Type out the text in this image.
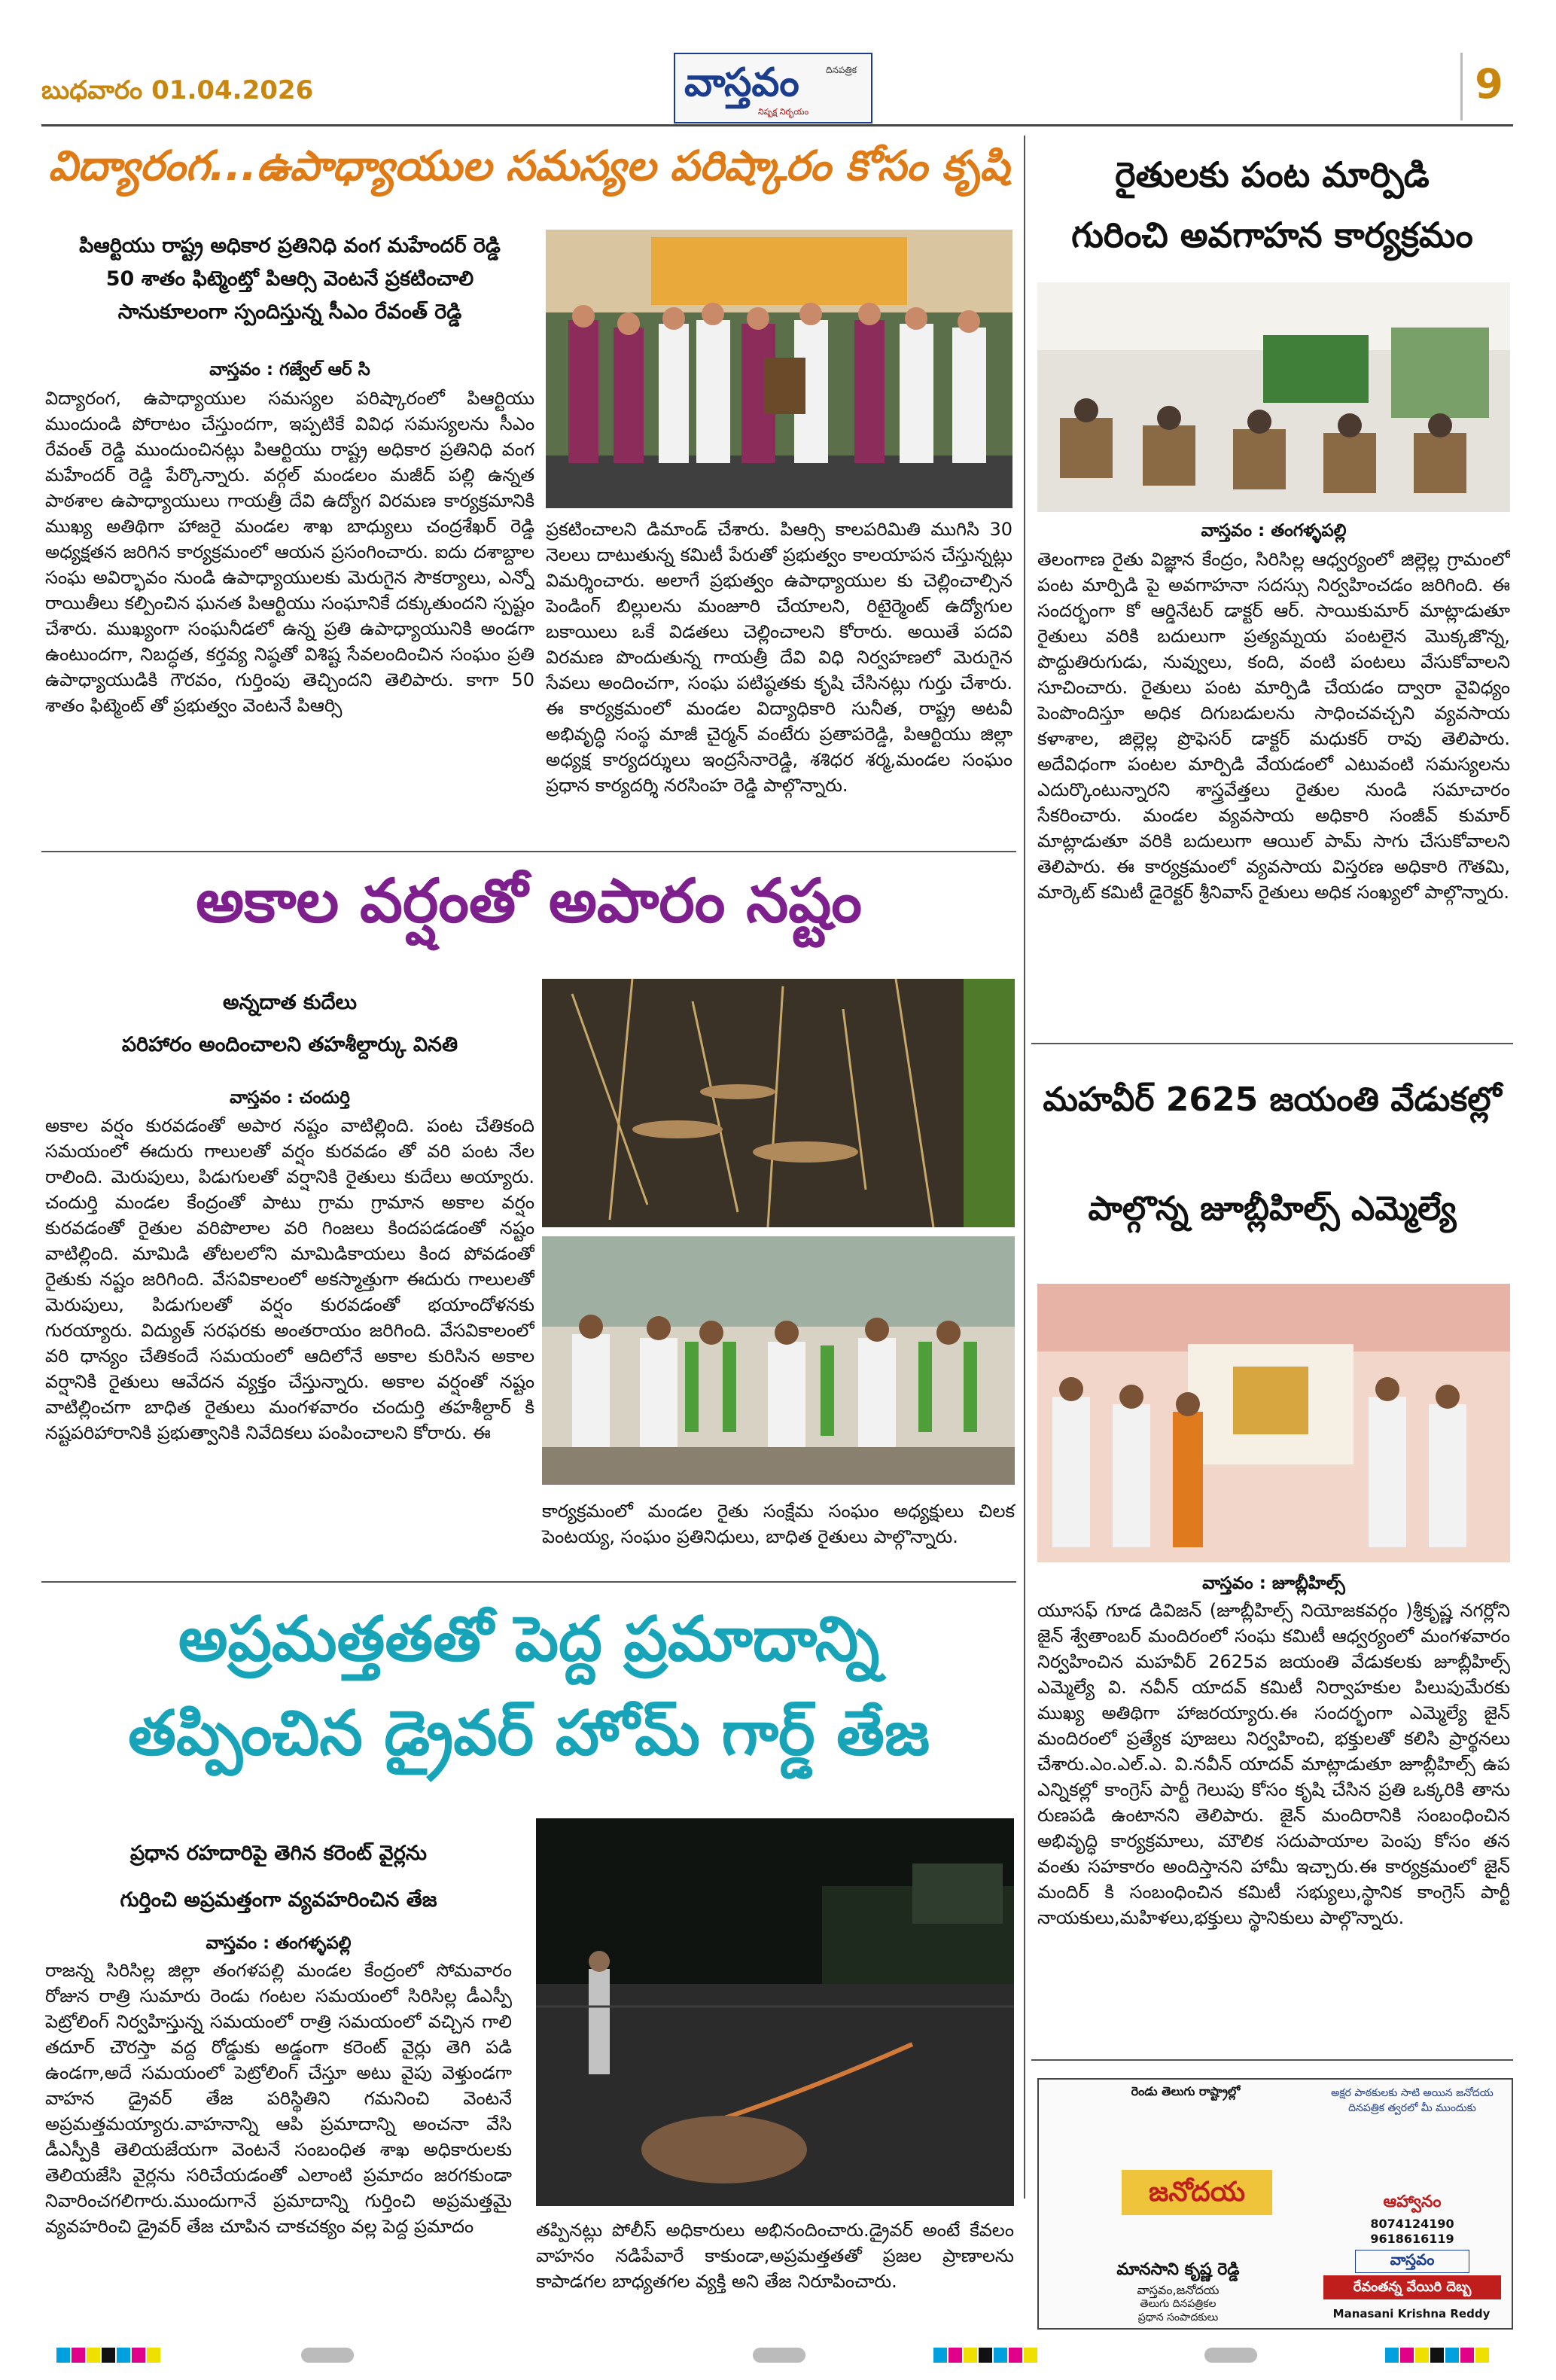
బుధవారం 01.04.2026	వాస్తవం	దినపత్రిక
నిష్పక్ష నిర్భయం
9
విద్యారంగ...ఉపాధ్యాయుల సమస్యల పరిష్కారం కోసం కృషి
పిఆర్టియు రాష్ట్ర అధికార ప్రతినిధి వంగ మహేందర్ రెడ్డి
50 శాతం ఫిట్మెంట్తో పిఆర్సి వెంటనే ప్రకటించాలి
సానుకూలంగా స్పందిస్తున్న సీఎం రేవంత్ రెడ్డి
వాస్తవం : గజ్వేల్ ఆర్ సి
విద్యారంగ, ఉపాధ్యాయుల సమస్యల పరిష్కారంలో పిఆర్టియు ముందుండి పోరాటం చేస్తుందగా, ఇప్పటికే వివిధ సమస్యలను సీఎం రేవంత్ రెడ్డి ముందుంచినట్లు పిఆర్టియు రాష్ట్ర అధికార ప్రతినిధి వంగ మహేందర్ రెడ్డి పేర్కొన్నారు. వర్గల్ మండలం మజీద్ పల్లి ఉన్నత పాఠశాల ఉపాధ్యాయులు గాయత్రీ దేవి ఉద్యోగ విరమణ కార్యక్రమానికి ముఖ్య అతిథిగా హాజరై మండల శాఖ బాధ్యులు చంద్రశేఖర్ రెడ్డి అధ్యక్షతన జరిగిన కార్యక్రమంలో ఆయన ప్రసంగించారు. ఐదు దశాబ్దాల సంఘ అవిర్భావం నుండి ఉపాధ్యాయులకు మెరుగైన సౌకర్యాలు, ఎన్నో రాయితీలు కల్పించిన ఘనత పిఆర్టియు సంఘానికే దక్కుతుందని స్పష్టం చేశారు. ముఖ్యంగా సంఘనీడలో ఉన్న ప్రతి ఉపాధ్యాయునికి అండగా ఉంటుందగా, నిబద్ధత, కర్తవ్య నిష్ఠతో విశిష్ట సేవలందించిన సంఘం ప్రతి ఉపాధ్యాయుడికి గౌరవం, గుర్తింపు తెచ్చిందని తెలిపారు. కాగా 50 శాతం ఫిట్మెంట్ తో ప్రభుత్వం వెంటనే పిఆర్సి
ప్రకటించాలని డిమాండ్ చేశారు. పిఆర్సి కాలపరిమితి ముగిసి 30 నెలలు దాటుతున్న కమిటీ పేరుతో ప్రభుత్వం కాలయాపన చేస్తున్నట్లు విమర్శించారు. అలాగే ప్రభుత్వం ఉపాధ్యాయుల కు చెల్లించాల్సిన పెండింగ్ బిల్లులను మంజూరి చేయాలని, రిటైర్మెంట్ ఉద్యోగుల బకాయిలు ఒకే విడతలు చెల్లించాలని కోరారు. అయితే పదవి విరమణ పొందుతున్న గాయత్రీ దేవి విధి నిర్వహణలో మెరుగైన సేవలు అందించగా, సంఘ పటిష్ఠతకు కృషి చేసినట్లు గుర్తు చేశారు. ఈ కార్యక్రమంలో మండల విద్యాధికారి సునీత, రాష్ట్ర అటవీ అభివృద్ధి సంస్థ మాజీ చైర్మన్ వంటేరు ప్రతాపరెడ్డి, పిఆర్టియు జిల్లా అధ్యక్ష కార్యదర్శులు ఇంద్రసేనారెడ్డి, శశిధర శర్మ,మండల సంఘం ప్రధాన కార్యదర్శి నరసింహ రెడ్డి పాల్గొన్నారు.
అకాల వర్షంతో అపారం నష్టం
అన్నదాత కుదేలు
పరిహారం అందించాలని తహశీల్దార్కు వినతి
వాస్తవం : చందుర్తి
అకాల వర్షం కురవడంతో అపార నష్టం వాటిల్లింది. పంట చేతికంది సమయంలో ఈదురు గాలులతో వర్షం కురవడం తో వరి పంట నేల రాలింది. మెరుపులు, పిడుగులతో వర్షానికి రైతులు కుదేలు అయ్యారు. చందుర్తి మండల కేంద్రంతో పాటు గ్రామ గ్రామాన అకాల వర్షం కురవడంతో రైతుల వరిపొలాల వరి గింజలు కిందపడడంతో నష్టం వాటిల్లింది. మామిడి తోటలలోని మామిడికాయలు కింద పోవడంతో రైతుకు నష్టం జరిగింది. వేసవికాలంలో అకస్మాత్తుగా ఈదురు గాలులతో మెరుపులు, పిడుగులతో వర్షం కురవడంతో భయాందోళనకు గురయ్యారు. విద్యుత్ సరఫరకు అంతరాయం జరిగింది. వేసవికాలంలో వరి ధాన్యం చేతికందే సమయంలో ఆదిలోనే అకాల కురిసిన అకాల వర్షానికి రైతులు ఆవేదన వ్యక్తం చేస్తున్నారు. అకాల వర్షంతో నష్టం వాటిల్లించగా బాధిత రైతులు మంగళవారం చందుర్తి తహశీల్దార్ కి నష్టపరిహారానికి ప్రభుత్వానికి నివేదికలు పంపించాలని కోరారు. ఈ
కార్యక్రమంలో మండల రైతు సంక్షేమ సంఘం అధ్యక్షులు చిలక పెంటయ్య, సంఘం ప్రతినిధులు, బాధిత రైతులు పాల్గొన్నారు.
అప్రమత్తతతో పెద్ద ప్రమాదాన్ని
తప్పించిన డ్రైవర్ హోమ్ గార్డ్ తేజ
ప్రధాన రహదారిపై తెగిన కరెంట్ వైర్లను
గుర్తించి అప్రమత్తంగా వ్యవహరించిన తేజ
వాస్తవం : తంగళ్ళపల్లి
రాజన్న సిరిసిల్ల జిల్లా తంగళపల్లి మండల కేంద్రంలో సోమవారం రోజున రాత్రి సుమారు రెండు గంటల సమయంలో సిరిసిల్ల డీఎస్పీ పెట్రోలింగ్ నిర్వహిస్తున్న సమయంలో రాత్రి సమయంలో వచ్చిన గాలి తదూర్ చౌరస్తా వద్ద రోడ్డుకు అడ్డంగా కరెంట్ వైర్లు తెగి పడి ఉండగా,అదే సమయంలో పెట్రోలింగ్ చేస్తూ అటు వైపు వెళ్తుండగా వాహన డ్రైవర్ తేజ పరిస్థితిని గమనించి వెంటనే అప్రమత్తమయ్యారు.వాహనాన్ని ఆపి ప్రమాదాన్ని అంచనా వేసి డీఎస్పీకి తెలియజేయగా వెంటనే సంబంధిత శాఖ అధికారులకు తెలియజేసి వైర్లను సరిచేయడంతో ఎలాంటి ప్రమాదం జరగకుండా నివారించగలిగారు.ముందుగానే ప్రమాదాన్ని గుర్తించి అప్రమత్తమై వ్యవహరించి డ్రైవర్ తేజ చూపిన చాకచక్యం వల్ల పెద్ద ప్రమాదం	తప్పినట్లు పోలీస్ అధికారులు అభినందించారు.డ్రైవర్ అంటే కేవలం వాహనం నడిపేవారే కాకుండా,అప్రమత్తతతో ప్రజల ప్రాణాలను కాపాడగల బాధ్యతగల వ్యక్తి అని తేజ నిరూపించారు.
రైతులకు పంట మార్పిడి
గురించి అవగాహన కార్యక్రమం
వాస్తవం : తంగళ్ళపల్లి
తెలంగాణ రైతు విజ్ఞాన కేంద్రం, సిరిసిల్ల ఆధ్వర్యంలో జిల్లెల్ల గ్రామంలో పంట మార్పిడి పై అవగాహనా సదస్సు నిర్వహించడం జరిగింది. ఈ సందర్భంగా కో ఆర్డినేటర్ డాక్టర్ ఆర్. సాయికుమార్ మాట్లాడుతూ రైతులు వరికి బదులుగా ప్రత్యమ్నయ పంటలైన మొక్కజొన్న, పొద్దుతిరుగుడు, నువ్వులు, కంది, వంటి పంటలు వేసుకోవాలని సూచించారు. రైతులు పంట మార్పిడి చేయడం ద్వారా వైవిధ్యం పెంపొందిస్తూ అధిక దిగుబడులను సాధించవచ్చని వ్యవసాయ కళాశాల, జిల్లెల్ల ప్రొఫెసర్ డాక్టర్ మధుకర్ రావు తెలిపారు. అదేవిధంగా పంటల మార్పిడి వేయడంలో ఎటువంటి సమస్యలను ఎదుర్కొంటున్నారని శాస్త్రవేత్తలు రైతుల నుండి సమాచారం సేకరించారు. మండల వ్యవసాయ అధికారి సంజీవ్ కుమార్ మాట్లాడుతూ వరికి బదులుగా ఆయిల్ పామ్ సాగు చేసుకోవాలని తెలిపారు. ఈ కార్యక్రమంలో వ్యవసాయ విస్తరణ అధికారి గౌతమి, మార్కెట్ కమిటీ డైరెక్టర్ శ్రీనివాస్ రైతులు అధిక సంఖ్యలో పాల్గొన్నారు.
మహవీర్ 2625 జయంతి వేడుకల్లో
పాల్గొన్న జూబ్లీహిల్స్ ఎమ్మెల్యే
వాస్తవం : జూబ్లీహిల్స్
యూసఫ్ గూడ డివిజన్ (జూబ్లీహిల్స్ నియోజకవర్గం )శ్రీకృష్ణ నగర్లోని జైన్ శ్వేతాంబర్ మందిరంలో సంఘ కమిటీ ఆధ్వర్యంలో మంగళవారం నిర్వహించిన మహవీర్ 2625వ జయంతి వేడుకలకు జూబ్లీహిల్స్ ఎమ్మెల్యే వి. నవీన్ యాదవ్ కమిటీ నిర్వాహకుల పిలుపుమేరకు ముఖ్య అతిథిగా హాజరయ్యారు.ఈ సందర్భంగా ఎమ్మెల్యే జైన్ మందిరంలో ప్రత్యేక పూజలు నిర్వహించి, భక్తులతో కలిసి ప్రార్థనలు చేశారు.ఎం.ఎల్.ఎ. వి.నవీన్ యాదవ్ మాట్లాడుతూ జూబ్లీహిల్స్ ఉప ఎన్నికల్లో కాంగ్రెస్ పార్టీ గెలుపు కోసం కృషి చేసిన ప్రతి ఒక్కరికి తాను రుణపడి ఉంటానని తెలిపారు. జైన్ మందిరానికి సంబంధించిన అభివృద్ధి కార్యక్రమాలు, మౌలిక సదుపాయాల పెంపు కోసం తన వంతు సహకారం అందిస్తానని హామీ ఇచ్చారు.ఈ కార్యక్రమంలో జైన్ మందిర్ కి సంబంధించిన కమిటీ సభ్యులు,స్థానిక కాంగ్రెస్ పార్టీ నాయకులు,మహిళలు,భక్తులు స్థానికులు పాల్గొన్నారు.
రెండు తెలుగు రాష్ట్రాల్లో
జనోదయ
మానసాని కృష్ణ రెడ్డి
వాస్తవం,జనోదయ
తెలుగు దినపత్రికల
ప్రధాన సంపాదకులు
అక్షర పాఠకులకు సాటి అయిన జనోదయ దినపత్రిక త్వరలో మీ ముందుకు
ఆహ్వానం
8074124190
9618616119
వాస్తవం
రేవంతన్న వేయిరి దెబ్బ
Manasani Krishna Reddy
